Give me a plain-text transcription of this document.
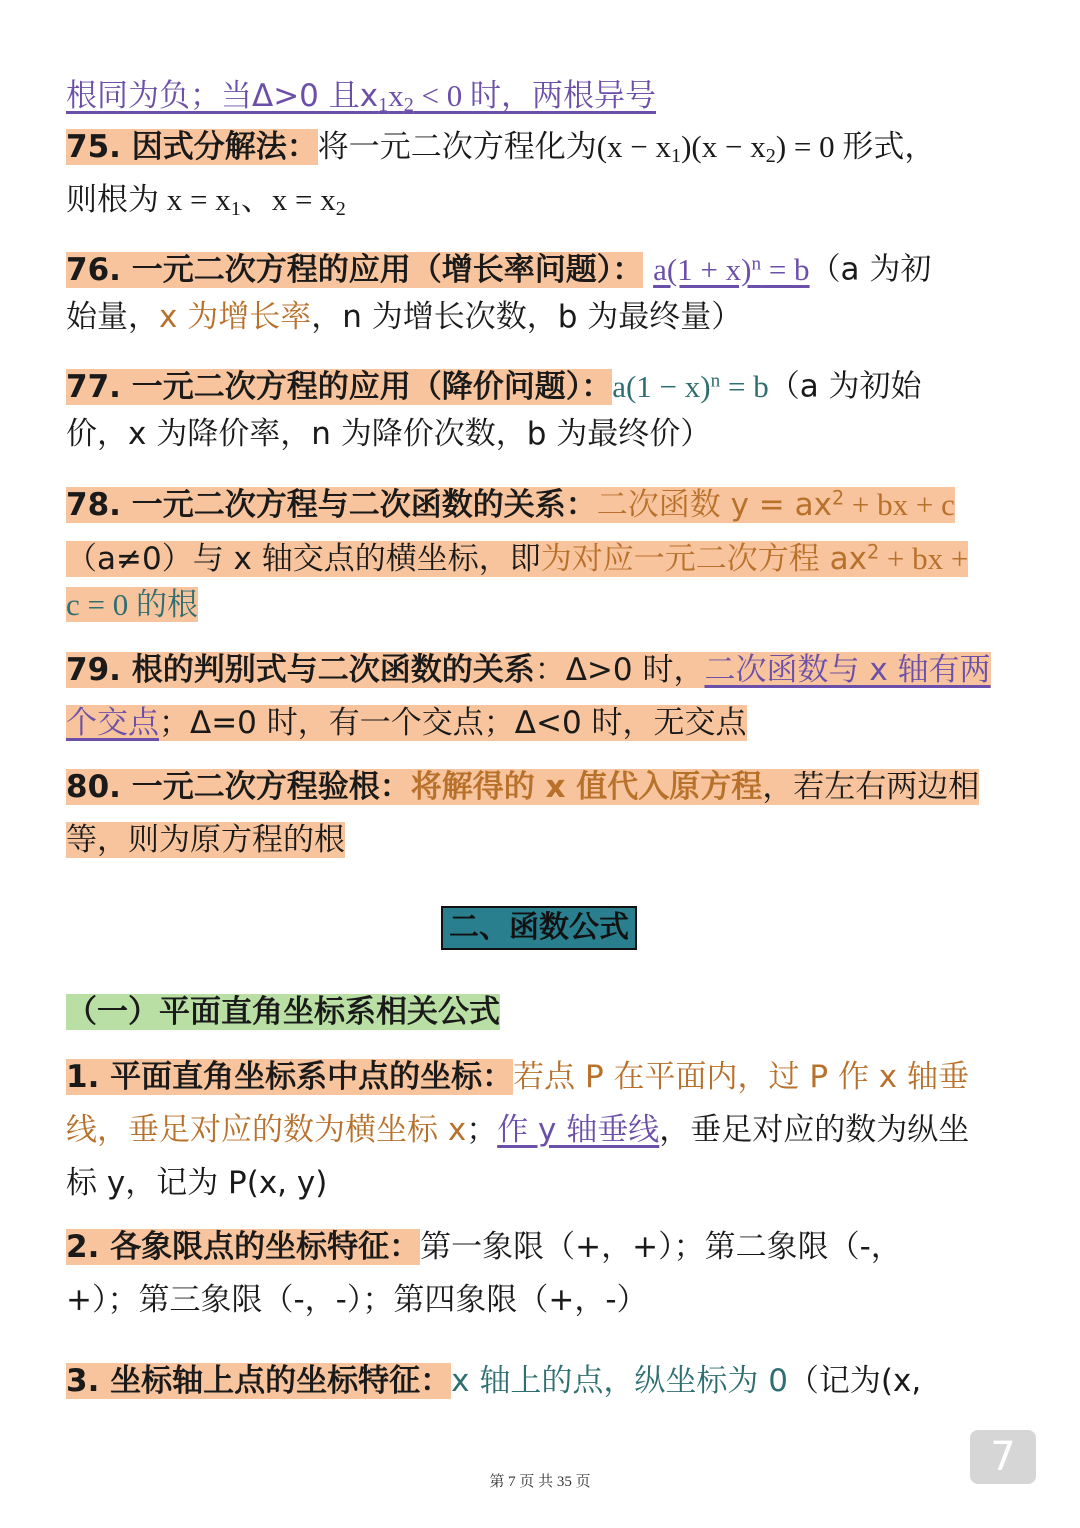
根同为负；当Δ>0 且$x_1x_2 < 0$ 时，两根异号
75. 因式分解法：将一元二次方程化为$(x - x_1)(x - x_2) = 0$ 形式，
则根为 $x = x_1$、$x = x_2$
76. 一元二次方程的应用（增长率问题）： $a(1 + x)^n = b(a$ 为初
始量，x 为增长率，n 为增长次数，b 为最终量）
77. 一元二次方程的应用（降价问题）：$a(1 - x)^n = b(a$ 为初始
价，x 为降价率，n 为降价次数，b 为最终价）
78. 一元二次方程与二次函数的关系：二次函数 $y = ax^2$ + bx + c
（a≠0）与 x 轴交点的横坐标，即为对应一元二次方程 $ax^2$ + bx +
c = 0 的根
79. 根的判别式与二次函数的关系：Δ>0 时，二次函数与 x 轴有两
个交点；Δ=0 时，有一个交点；Δ<0 时，无交点
80. 一元二次方程验根：将解得的 x 值代入原方程，若左右两边相
等，则为原方程的根
二、函数公式
（一）平面直角坐标系相关公式
1. 平面直角坐标系中点的坐标：若点 P 在平面内，过 P 作 x 轴垂
线，垂足对应的数为横坐标 x；作 y 轴垂线，垂足对应的数为纵坐
标 y，记为 P(x, y)
2. 各象限点的坐标特征：第一象限（+，+）；第二象限（-，
+）；第三象限（-，-）；第四象限（+，-）
3. 坐标轴上点的坐标特征：x 轴上的点，纵坐标为 0（记为(x,
7
第 7 页 共 35 页
